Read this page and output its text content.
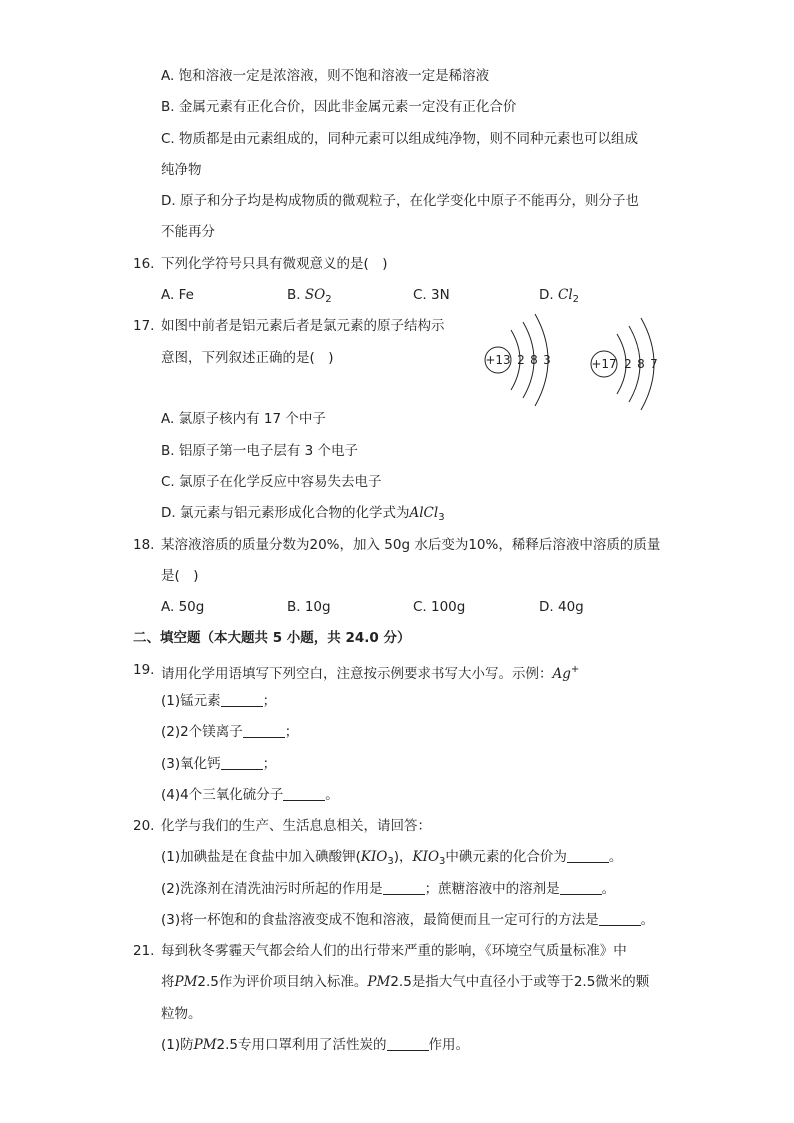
A. 饱和溶液一定是浓溶液，则不饱和溶液一定是稀溶液
B. 金属元素有正化合价，因此非金属元素一定没有正化合价
C. 物质都是由元素组成的，同种元素可以组成纯净物，则不同种元素也可以组成
纯净物
D. 原子和分子均是构成物质的微观粒子，在化学变化中原子不能再分，则分子也
不能再分
16. 下列化学符号只具有微观意义的是(　)
A. Fe	B. $SO_2$	C. 3N	D. $Cl_2$
17. 如图中前者是铝元素后者是氯元素的原子结构示
意图，下列叙述正确的是(　)	+13 2 8 3	+17 2 8 7
A. 氯原子核内有 17 个中子
B. 铝原子第一电子层有 3 个电子
C. 氯原子在化学反应中容易失去电子
D. 氯元素与铝元素形成化合物的化学式为AlCl$_3$
18. 某溶液溶质的质量分数为20%，加入 50g 水后变为10%，稀释后溶液中溶质的质量
是(　)
A. 50g	B. 10g	C. 100g	D. 40g
二、填空题（本大题共 5 小题，共 24.0 分）
19. 请用化学用语填写下列空白，注意按示例要求书写大小写。示例：Ag+
(1)锰元素	；
(2)2个镁离子	；
(3)氧化钙	；
(4)4个三氧化硫分子	。
20. 化学与我们的生产、生活息息相关，请回答：
(1)加碘盐是在食盐中加入碘酸钾$(KIO_3)$，$KIO_3$中碘元素的化合价为	。
(2)洗涤剂在清洗油污时所起的作用是	；蔗糖溶液中的溶剂是	。
(3)将一杯饱和的食盐溶液变成不饱和溶液，最简便而且一定可行的方法是	。
21. 每到秋冬雾霾天气都会给人们的出行带来严重的影响，《环境空气质量标准》中
将PM2.5作为评价项目纳入标准。PM2.5是指大气中直径小于或等于2.5微米的颗
粒物。
(1)防PM2.5专用口罩利用了活性炭的	作用。
